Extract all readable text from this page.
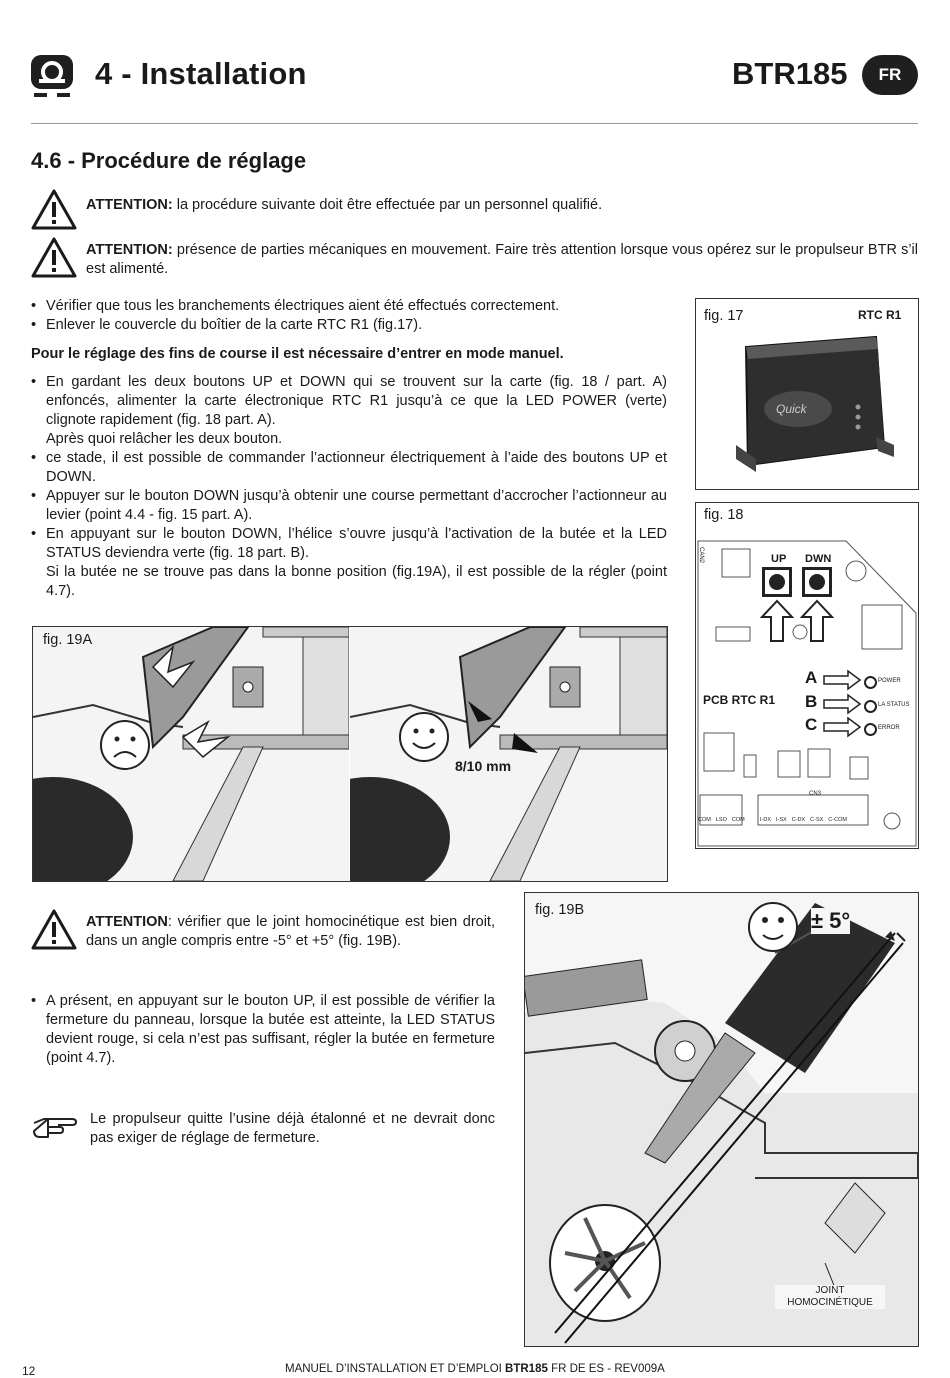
4 - Installation	BTR185	FR
4.6 - Procédure de réglage
ATTENTION: la procédure suivante doit être effectuée par un personnel qualifié.
ATTENTION: présence de parties mécaniques en mouvement. Faire très attention lorsque vous opérez sur le propulseur BTR s’il est alimenté.
• Vérifier que tous les branchements électriques aient été effectués correctement.
• Enlever le couvercle du boîtier de la carte RTC R1 (fig.17).
Pour le réglage des fins de course il est nécessaire d’entrer en mode manuel.
• En gardant les deux boutons UP et DOWN qui se trouvent sur la carte (fig. 18 / part. A) enfoncés, alimenter la carte électronique RTC R1 jusqu’à ce que la LED POWER (verte) clignote rapidement (fig. 18 part. A).
Après quoi relâcher les deux bouton.
• ce stade, il est possible de commander l’actionneur électriquement à l’aide des boutons UP et DOWN.
• Appuyer sur le bouton DOWN jusqu’à obtenir une course permettant d’accrocher l’actionneur au levier (point 4.4 - fig. 15 part. A).
• En appuyant sur le bouton DOWN, l’hélice s’ouvre jusqu’à l’activation de la butée et la LED STATUS deviendra verte (fig. 18 part. B).
Si la butée ne se trouve pas dans la bonne position (fig.19A), il est possible de la régler (point 4.7).
fig. 17	RTC R1
Quick
fig. 18
CAN2	UP DWN
PCB RTC R1
A
B
C
POWER
LA STATUS
ERROR
CN3
COM LSO COM	I-DX I-SX C-DX C-SX C-COM
fig. 19A
8/10 mm
ATTENTION: vérifier que le joint homocinétique est bien droit, dans un angle compris entre -5° et +5° (fig. 19B).
• A présent, en appuyant sur le bouton UP, il est possible de vérifier la fermeture du panneau, lorsque la butée est atteinte, la LED STATUS devient rouge, si cela n’est pas suffisant, régler la butée en fermeture (point 4.7).
Le propulseur quitte l’usine déjà étalonné et ne devrait donc pas exiger de réglage de fermeture.
fig. 19B	± 5°
JOINT
HOMOCINÉTIQUE
12	MANUEL D’INSTALLATION ET D’EMPLOI BTR185 FR DE ES - REV009A
